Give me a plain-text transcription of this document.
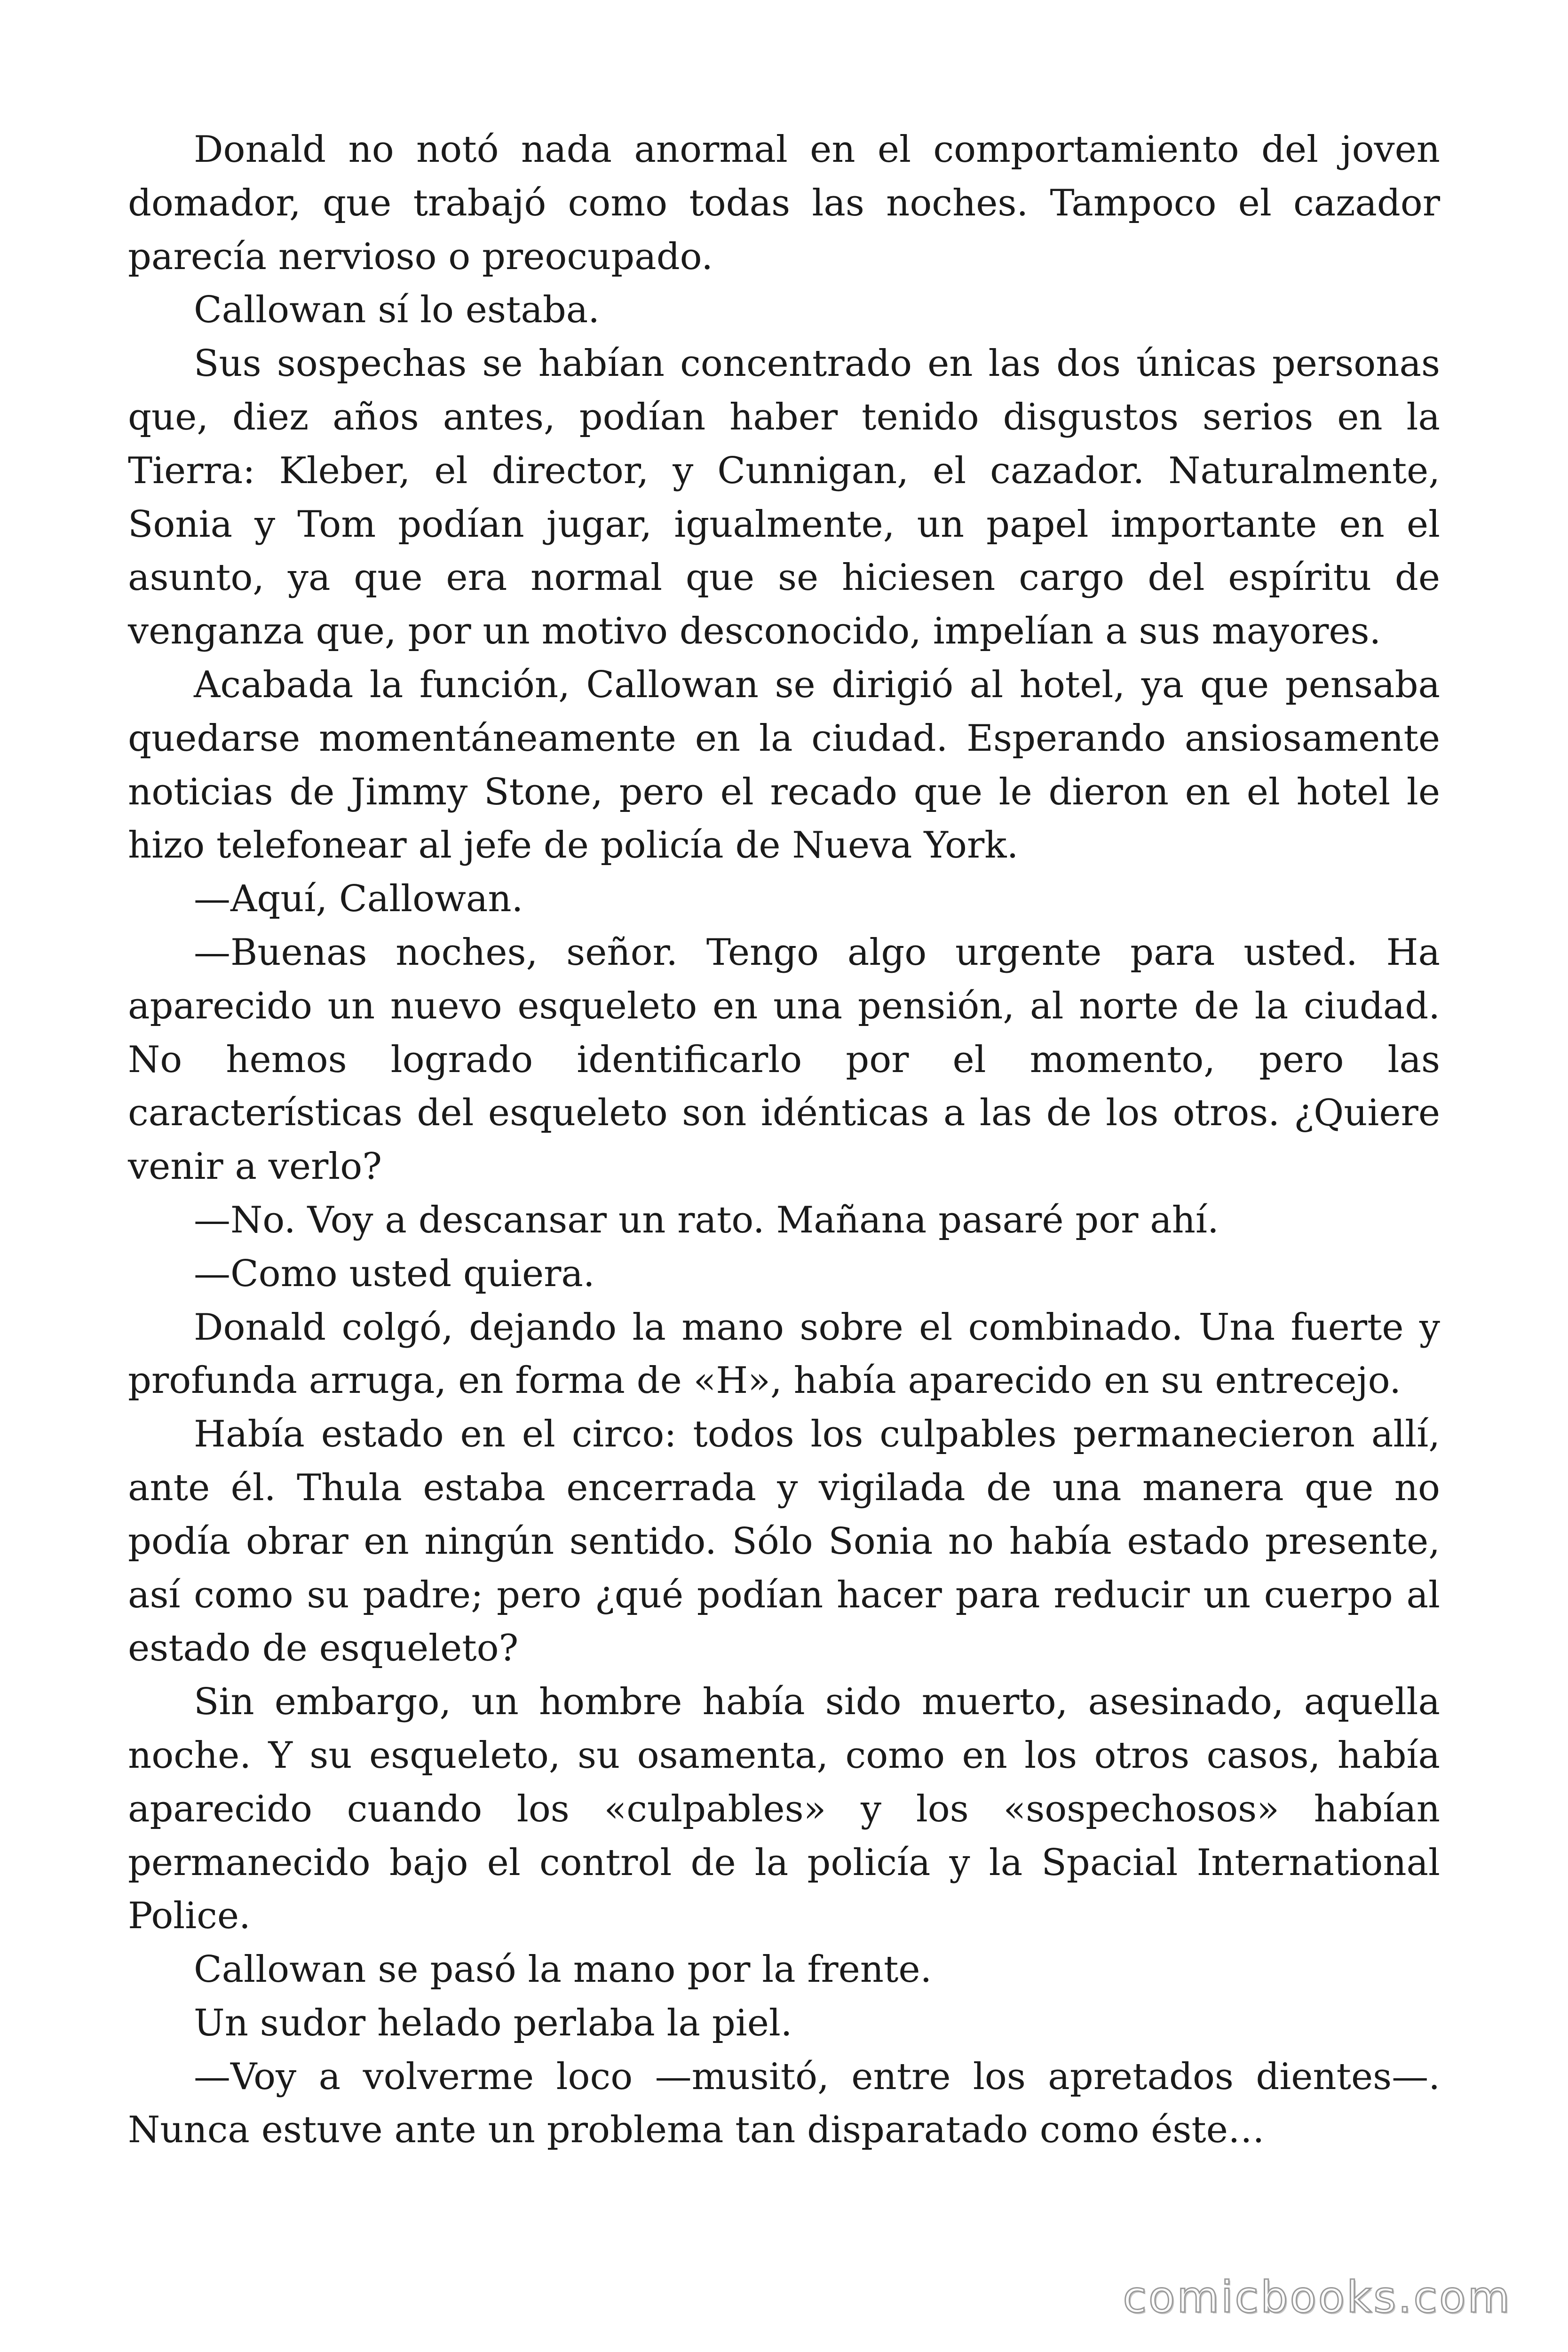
Donald no notó nada anormal en el comportamiento del joven domador, que trabajó como todas las noches. Tampoco el cazador parecía nervioso o preocupado.

Callowan sí lo estaba.

Sus sospechas se habían concentrado en las dos únicas personas que, diez años antes, podían haber tenido disgustos serios en la Tierra: Kleber, el director, y Cunnigan, el cazador. Naturalmente, Sonia y Tom podían jugar, igualmente, un papel importante en el asunto, ya que era normal que se hiciesen cargo del espíritu de venganza que, por un motivo desconocido, impelían a sus mayores.

Acabada la función, Callowan se dirigió al hotel, ya que pensaba quedarse momentáneamente en la ciudad. Esperando ansiosamente noticias de Jimmy Stone, pero el recado que le dieron en el hotel le hizo telefonear al jefe de policía de Nueva York.

—Aquí, Callowan.

—Buenas noches, señor. Tengo algo urgente para usted. Ha aparecido un nuevo esqueleto en una pensión, al norte de la ciudad. No hemos logrado identificarlo por el momento, pero las características del esqueleto son idénticas a las de los otros. ¿Quiere venir a verlo?

—No. Voy a descansar un rato. Mañana pasaré por ahí.

—Como usted quiera.

Donald colgó, dejando la mano sobre el combinado. Una fuerte y profunda arruga, en forma de «H», había aparecido en su entrecejo.

Había estado en el circo: todos los culpables permanecieron allí, ante él. Thula estaba encerrada y vigilada de una manera que no podía obrar en ningún sentido. Sólo Sonia no había estado presente, así como su padre; pero ¿qué podían hacer para reducir un cuerpo al estado de esqueleto?

Sin embargo, un hombre había sido muerto, asesinado, aquella noche. Y su esqueleto, su osamenta, como en los otros casos, había aparecido cuando los «culpables» y los «sospechosos» habían permanecido bajo el control de la policía y la Spacial International Police.

Callowan se pasó la mano por la frente.

Un sudor helado perlaba la piel.

—Voy a volverme loco —musitó, entre los apretados dientes—. Nunca estuve ante un problema tan disparatado como éste…

comicbooks.com
